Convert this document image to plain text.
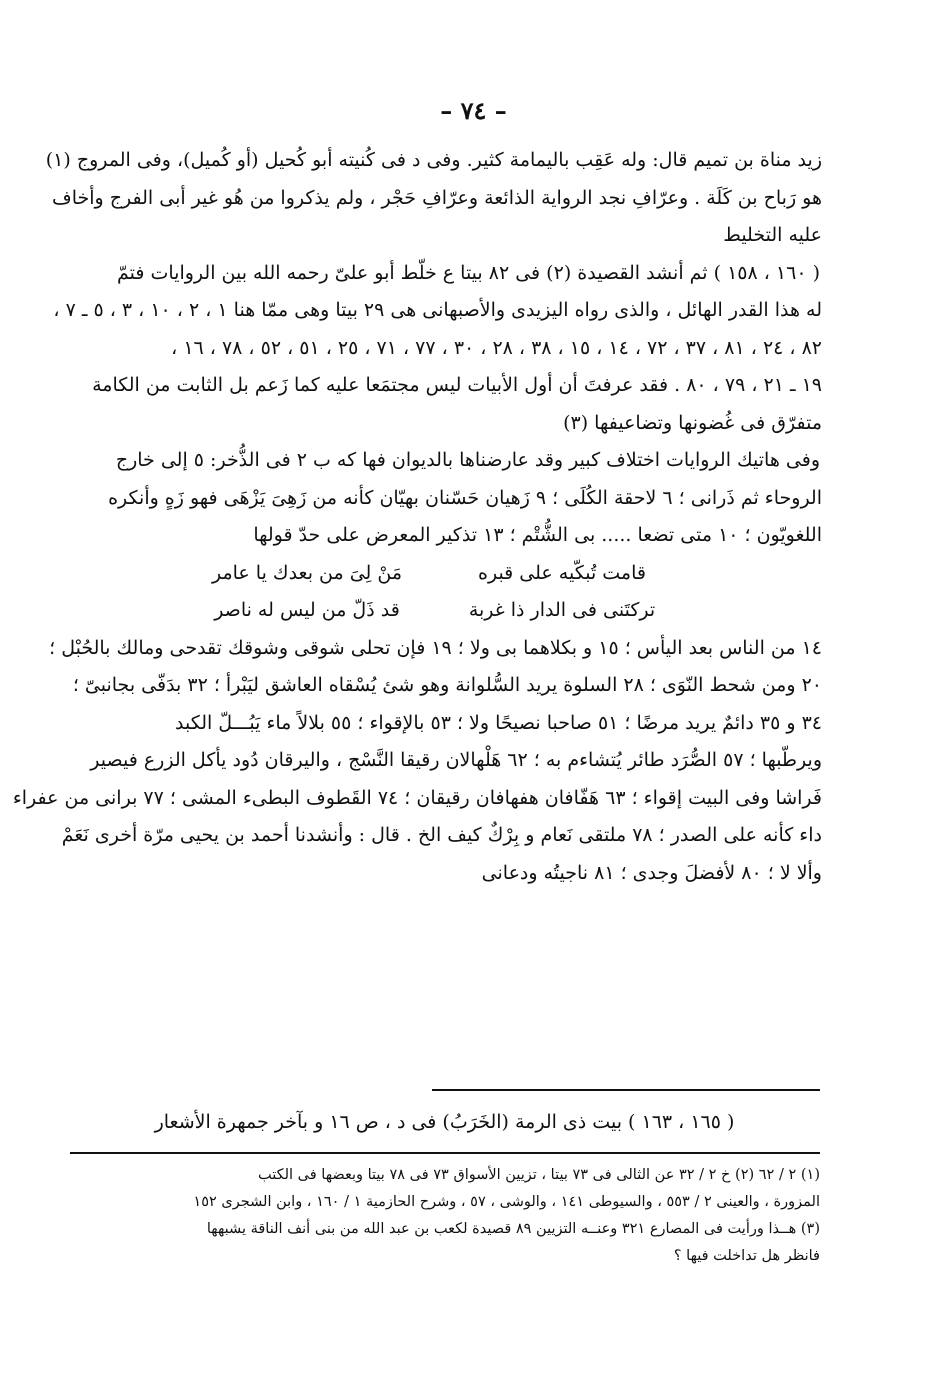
– ٧٤ –
زيد مناة بن تميم قال: وله عَقِب باليمامة كثير. وفى د فى كُنيته أبو كُحيل (أو كُميل)، وفى المروج (١)
هو رَباح بن كَلَة . وعرّافِ نجد الرواية الذائعة وعرّافِ حَجْر ، ولم يذكروا من هُو غير أبى الفرج وأخاف
عليه التخليط
( ١٦٠ ، ١٥٨ ) ثم أنشد القصيدة (٢) فى ٨٢ بيتا ع خلّط أبو علىّ رحمه الله بين الروايات فتمّ
له هذا القدر الهائل ، والذى رواه اليزيدى والأصبهانى هى ٢٩ بيتا وهى ممّا هنا ١ ، ٢ ، ١٠ ، ٣ ، ٥ ـ ٧ ،
٨٢ ، ٢٤ ، ٨١ ، ٣٧ ، ٧٢ ، ١٤ ، ١٥ ، ٣٨ ، ٢٨ ، ٣٠ ، ٧٧ ، ٧١ ، ٢٥ ، ٥١ ، ٥٢ ، ٧٨ ، ١٦ ،
١٩ ـ ٢١ ، ٧٩ ، ٨٠ . فقد عرفتَ أن أول الأبيات ليس مجتمَعا عليه كما زَعم بل الثابت من الكامة
متفرّق فى غُضونها وتضاعيفها (٣)
وفى هاتيك الروايات اختلاف كبير وقد عارضناها بالديوان فها كه ب ٢ فى الذُّخر: ٥ إلى خارج
الروحاء ثم ذَرانى ؛ ٦ لاحقة الكُلَى ؛ ٩ زَهيان حَسّنان بهيّان كأنه من زَهِىَ يَزْهَى فهو زَهٍ وأنكره
اللغويّون ؛ ١٠ متى تضعا ..... بى الشُّتْم ؛ ١٣ تذكير المعرض على حدّ قولها
قامت تُبكّيه على قبره
مَنْ لِىَ من بعدك يا عامر
تركتَنى فى الدار ذا غربة
قد ذَلّ من ليس له ناصر
١٤ من الناس بعد اليأس ؛ ١٥ و بكلاهما بى ولا ؛ ١٩ فإن تحلى شوقى وشوقك تقدحى ومالك بالحُبْل ؛
٢٠ ومن شحط النّوَى ؛ ٢٨ السلوة يريد السُّلوانة وهو شئ يُسْقاه العاشق ليَبْرأ ؛ ٣٢ بدَفّى بجانبىّ ؛
٣٤ و ٣٥ دائمٌ يريد مرضًا ؛ ٥١ صاحبا نصيحًا ولا ؛ ٥٣ بالإقواء ؛ ٥٥ بلالاً ماء يَبُـــلّ الكبد
ويرطّبها ؛ ٥٧ الصُّرَد طائر يُتشاءم به ؛ ٦٢ هَلْهالان رقيقا النَّسْج ، واليرقان دُود يأكل الزرع فيصير
فَراشا وفى البيت إقواء ؛ ٦٣ هَفّافان هفهافان رقيقان ؛ ٧٤ القَطوف البطىء المشى ؛ ٧٧ برانى من عفراء
داء كأنه على الصدر ؛ ٧٨ ملتقى نَعام و بِرْكٌ كيف الخ . قال : وأنشدنا أحمد بن يحيى مرّة أخرى نَعَمْ
وألا لا ؛ ٨٠ لأفضلَ وجدى ؛ ٨١ ناجيتُه ودعانى
( ١٦٥ ، ١٦٣ ) بيت ذى الرمة (الخَرَبُ) فى د ، ص ١٦ و بآخر جمهرة الأشعار
(١) ٢ / ٦٢ (٢) خ ٢ / ٣٢ عن الثالى فى ٧٣ بيتا ، تزيين الأسواق ٧٣ فى ٧٨ بيتا وبعضها فى الكتب
المزورة ، والعينى ٢ / ٥٥٣ ، والسيوطى ١٤١ ، والوشى ، ٥٧ ، وشرح الحازمية ١ / ١٦٠ ، وابن الشجرى ١٥٢
(٣) هــذا ورأيت فى المصارع ٣٢١ وعنــه التزيين ٨٩ قصيدة لكعب بن عبد الله من بنى أنف الناقة يشبهها
فانظر هل تداخلت فيها ؟
